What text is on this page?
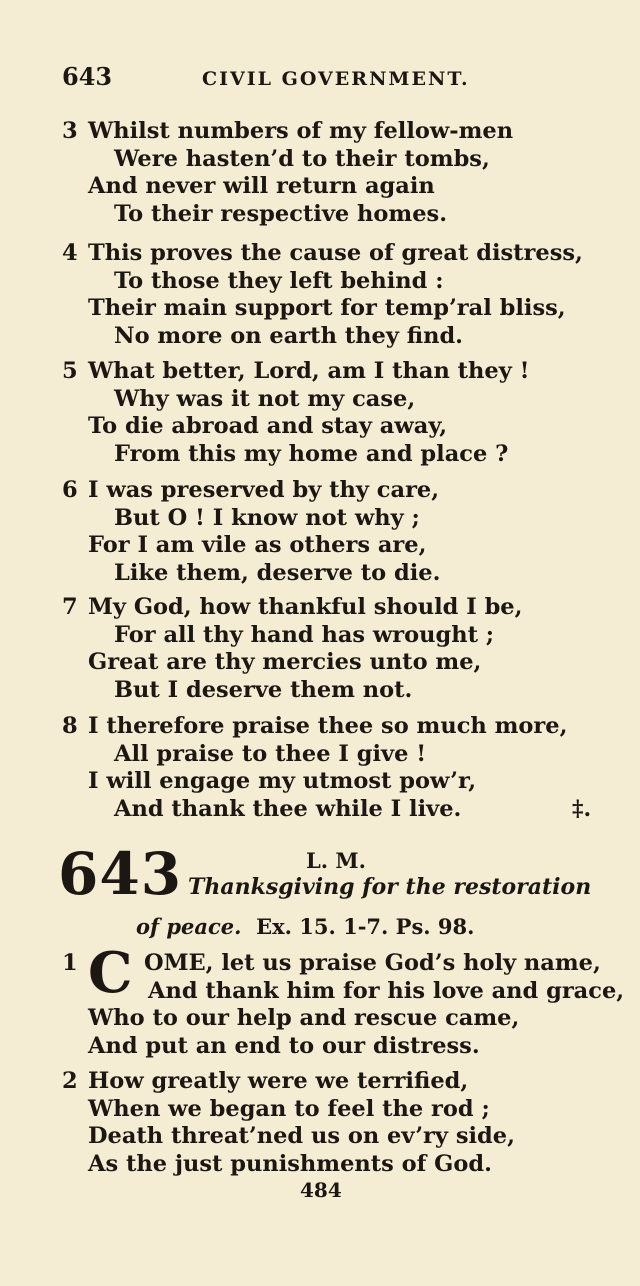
643	CIVIL GOVERNMENT.
3 Whilst numbers of my fellow-men
Were hasten’d to their tombs,
And never will return again
To their respective homes.
4 This proves the cause of great distress,
To those they left behind :
Their main support for temp’ral bliss,
No more on earth they find.
5 What better, Lord, am I than they !
Why was it not my case,
To die abroad and stay away,
From this my home and place ?
6 I was preserved by thy care,
But O ! I know not why ;
For I am vile as others are,
Like them, deserve to die.
7 My God, how thankful should I be,
For all thy hand has wrought ;
Great are thy mercies unto me,
But I deserve them not.
8 I therefore praise thee so much more,
All praise to thee I give !
I will engage my utmost pow’r,
And thank thee while I live.	‡.
643	L. M.
Thanksgiving for the restoration
of peace. Ex. 15. 1-7. Ps. 98.
1 C OME, let us praise God’s holy name,
And thank him for his love and grace,
Who to our help and rescue came,
And put an end to our distress.
2 How greatly were we terrified,
When we began to feel the rod ;
Death threat’ned us on ev’ry side,
As the just punishments of God.
484
